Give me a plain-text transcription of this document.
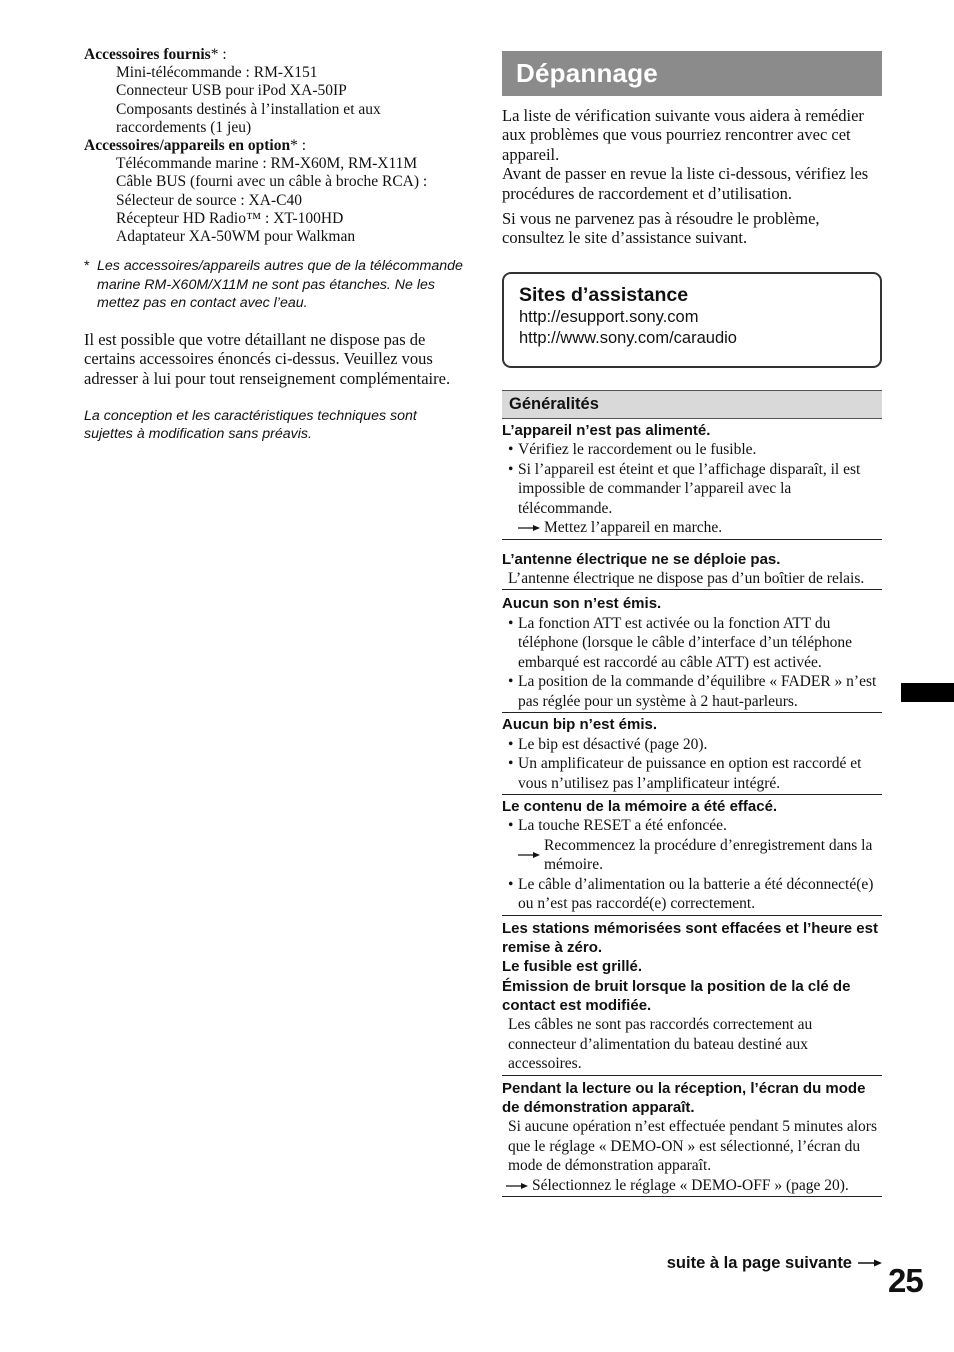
Accessoires fournis* :
Mini-télécommande : RM-X151
Connecteur USB pour iPod XA-50IP
Composants destinés à l’installation et aux
raccordements (1 jeu)
Accessoires/appareils en option* :
Télécommande marine : RM-X60M, RM-X11M
Câble BUS (fourni avec un câble à broche RCA) :
Sélecteur de source : XA-C40
Récepteur HD Radio™ : XT-100HD
Adaptateur XA-50WM pour Walkman
* Les accessoires/appareils autres que de la télécommande marine RM-X60M/X11M ne sont pas étanches. Ne les mettez pas en contact avec l’eau.
Il est possible que votre détaillant ne dispose pas de certains accessoires énoncés ci-dessus. Veuillez vous adresser à lui pour tout renseignement complémentaire.
La conception et les caractéristiques techniques sont sujettes à modification sans préavis.
Dépannage

La liste de vérification suivante vous aidera à remédier aux problèmes que vous pourriez rencontrer avec cet appareil.
Avant de passer en revue la liste ci-dessous, vérifiez les procédures de raccordement et d’utilisation.

Si vous ne parvenez pas à résoudre le problème, consultez le site d’assistance suivant.

Sites d’assistance
http://esupport.sony.com
http://www.sony.com/caraudio
Généralités
L’appareil n’est pas alimenté.
• Vérifiez le raccordement ou le fusible.
• Si l’appareil est éteint et que l’affichage disparaît, il est impossible de commander l’appareil avec la télécommande.
Mettez l’appareil en marche.
L’antenne électrique ne se déploie pas.
L’antenne électrique ne dispose pas d’un boîtier de relais.
Aucun son n’est émis.
• La fonction ATT est activée ou la fonction ATT du téléphone (lorsque le câble d’interface d’un téléphone embarqué est raccordé au câble ATT) est activée.
• La position de la commande d’équilibre « FADER » n’est pas réglée pour un système à 2 haut-parleurs.
Aucun bip n’est émis.
• Le bip est désactivé (page 20).
• Un amplificateur de puissance en option est raccordé et vous n’utilisez pas l’amplificateur intégré.
Le contenu de la mémoire a été effacé.
• La touche RESET a été enfoncée.
Recommencez la procédure d’enregistrement dans la mémoire.
• Le câble d’alimentation ou la batterie a été déconnecté(e) ou n’est pas raccordé(e) correctement.
Les stations mémorisées sont effacées et l’heure est remise à zéro.
Le fusible est grillé.
Émission de bruit lorsque la position de la clé de contact est modifiée.
Les câbles ne sont pas raccordés correctement au connecteur d’alimentation du bateau destiné aux accessoires.
Pendant la lecture ou la réception, l’écran du mode de démonstration apparaît.
Si aucune opération n’est effectuée pendant 5 minutes alors que le réglage « DEMO-ON » est sélectionné, l’écran du mode de démonstration apparaît.
Sélectionnez le réglage « DEMO-OFF » (page 20).
suite à la page suivante 25
